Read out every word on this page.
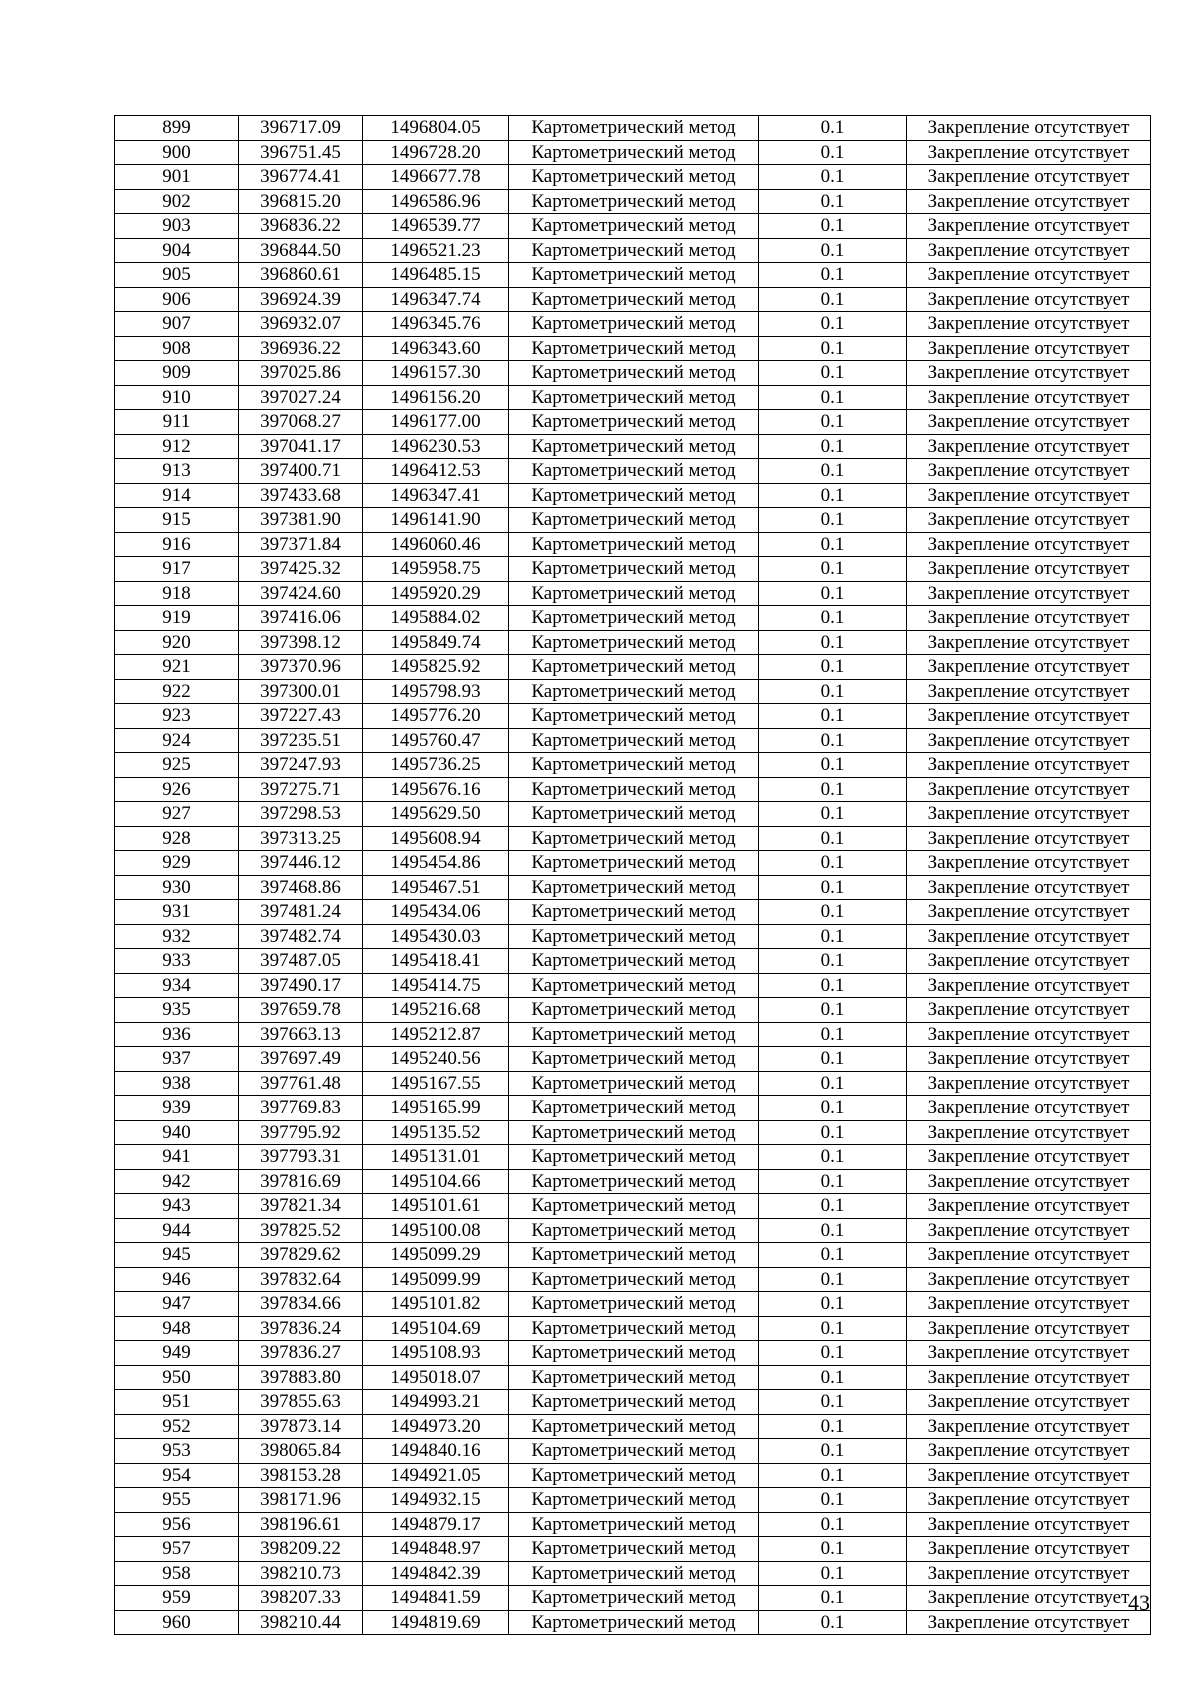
899	396717.09	1496804.05	Картометрический метод	0.1	Закрепление отсутствует
900	396751.45	1496728.20	Картометрический метод	0.1	Закрепление отсутствует
901	396774.41	1496677.78	Картометрический метод	0.1	Закрепление отсутствует
902	396815.20	1496586.96	Картометрический метод	0.1	Закрепление отсутствует
903	396836.22	1496539.77	Картометрический метод	0.1	Закрепление отсутствует
904	396844.50	1496521.23	Картометрический метод	0.1	Закрепление отсутствует
905	396860.61	1496485.15	Картометрический метод	0.1	Закрепление отсутствует
906	396924.39	1496347.74	Картометрический метод	0.1	Закрепление отсутствует
907	396932.07	1496345.76	Картометрический метод	0.1	Закрепление отсутствует
908	396936.22	1496343.60	Картометрический метод	0.1	Закрепление отсутствует
909	397025.86	1496157.30	Картометрический метод	0.1	Закрепление отсутствует
910	397027.24	1496156.20	Картометрический метод	0.1	Закрепление отсутствует
911	397068.27	1496177.00	Картометрический метод	0.1	Закрепление отсутствует
912	397041.17	1496230.53	Картометрический метод	0.1	Закрепление отсутствует
913	397400.71	1496412.53	Картометрический метод	0.1	Закрепление отсутствует
914	397433.68	1496347.41	Картометрический метод	0.1	Закрепление отсутствует
915	397381.90	1496141.90	Картометрический метод	0.1	Закрепление отсутствует
916	397371.84	1496060.46	Картометрический метод	0.1	Закрепление отсутствует
917	397425.32	1495958.75	Картометрический метод	0.1	Закрепление отсутствует
918	397424.60	1495920.29	Картометрический метод	0.1	Закрепление отсутствует
919	397416.06	1495884.02	Картометрический метод	0.1	Закрепление отсутствует
920	397398.12	1495849.74	Картометрический метод	0.1	Закрепление отсутствует
921	397370.96	1495825.92	Картометрический метод	0.1	Закрепление отсутствует
922	397300.01	1495798.93	Картометрический метод	0.1	Закрепление отсутствует
923	397227.43	1495776.20	Картометрический метод	0.1	Закрепление отсутствует
924	397235.51	1495760.47	Картометрический метод	0.1	Закрепление отсутствует
925	397247.93	1495736.25	Картометрический метод	0.1	Закрепление отсутствует
926	397275.71	1495676.16	Картометрический метод	0.1	Закрепление отсутствует
927	397298.53	1495629.50	Картометрический метод	0.1	Закрепление отсутствует
928	397313.25	1495608.94	Картометрический метод	0.1	Закрепление отсутствует
929	397446.12	1495454.86	Картометрический метод	0.1	Закрепление отсутствует
930	397468.86	1495467.51	Картометрический метод	0.1	Закрепление отсутствует
931	397481.24	1495434.06	Картометрический метод	0.1	Закрепление отсутствует
932	397482.74	1495430.03	Картометрический метод	0.1	Закрепление отсутствует
933	397487.05	1495418.41	Картометрический метод	0.1	Закрепление отсутствует
934	397490.17	1495414.75	Картометрический метод	0.1	Закрепление отсутствует
935	397659.78	1495216.68	Картометрический метод	0.1	Закрепление отсутствует
936	397663.13	1495212.87	Картометрический метод	0.1	Закрепление отсутствует
937	397697.49	1495240.56	Картометрический метод	0.1	Закрепление отсутствует
938	397761.48	1495167.55	Картометрический метод	0.1	Закрепление отсутствует
939	397769.83	1495165.99	Картометрический метод	0.1	Закрепление отсутствует
940	397795.92	1495135.52	Картометрический метод	0.1	Закрепление отсутствует
941	397793.31	1495131.01	Картометрический метод	0.1	Закрепление отсутствует
942	397816.69	1495104.66	Картометрический метод	0.1	Закрепление отсутствует
943	397821.34	1495101.61	Картометрический метод	0.1	Закрепление отсутствует
944	397825.52	1495100.08	Картометрический метод	0.1	Закрепление отсутствует
945	397829.62	1495099.29	Картометрический метод	0.1	Закрепление отсутствует
946	397832.64	1495099.99	Картометрический метод	0.1	Закрепление отсутствует
947	397834.66	1495101.82	Картометрический метод	0.1	Закрепление отсутствует
948	397836.24	1495104.69	Картометрический метод	0.1	Закрепление отсутствует
949	397836.27	1495108.93	Картометрический метод	0.1	Закрепление отсутствует
950	397883.80	1495018.07	Картометрический метод	0.1	Закрепление отсутствует
951	397855.63	1494993.21	Картометрический метод	0.1	Закрепление отсутствует
952	397873.14	1494973.20	Картометрический метод	0.1	Закрепление отсутствует
953	398065.84	1494840.16	Картометрический метод	0.1	Закрепление отсутствует
954	398153.28	1494921.05	Картометрический метод	0.1	Закрепление отсутствует
955	398171.96	1494932.15	Картометрический метод	0.1	Закрепление отсутствует
956	398196.61	1494879.17	Картометрический метод	0.1	Закрепление отсутствует
957	398209.22	1494848.97	Картометрический метод	0.1	Закрепление отсутствует
958	398210.73	1494842.39	Картометрический метод	0.1	Закрепление отсутствует
959	398207.33	1494841.59	Картометрический метод	0.1	Закрепление отсутствует
960	398210.44	1494819.69	Картометрический метод	0.1	Закрепление отсутствует
43
